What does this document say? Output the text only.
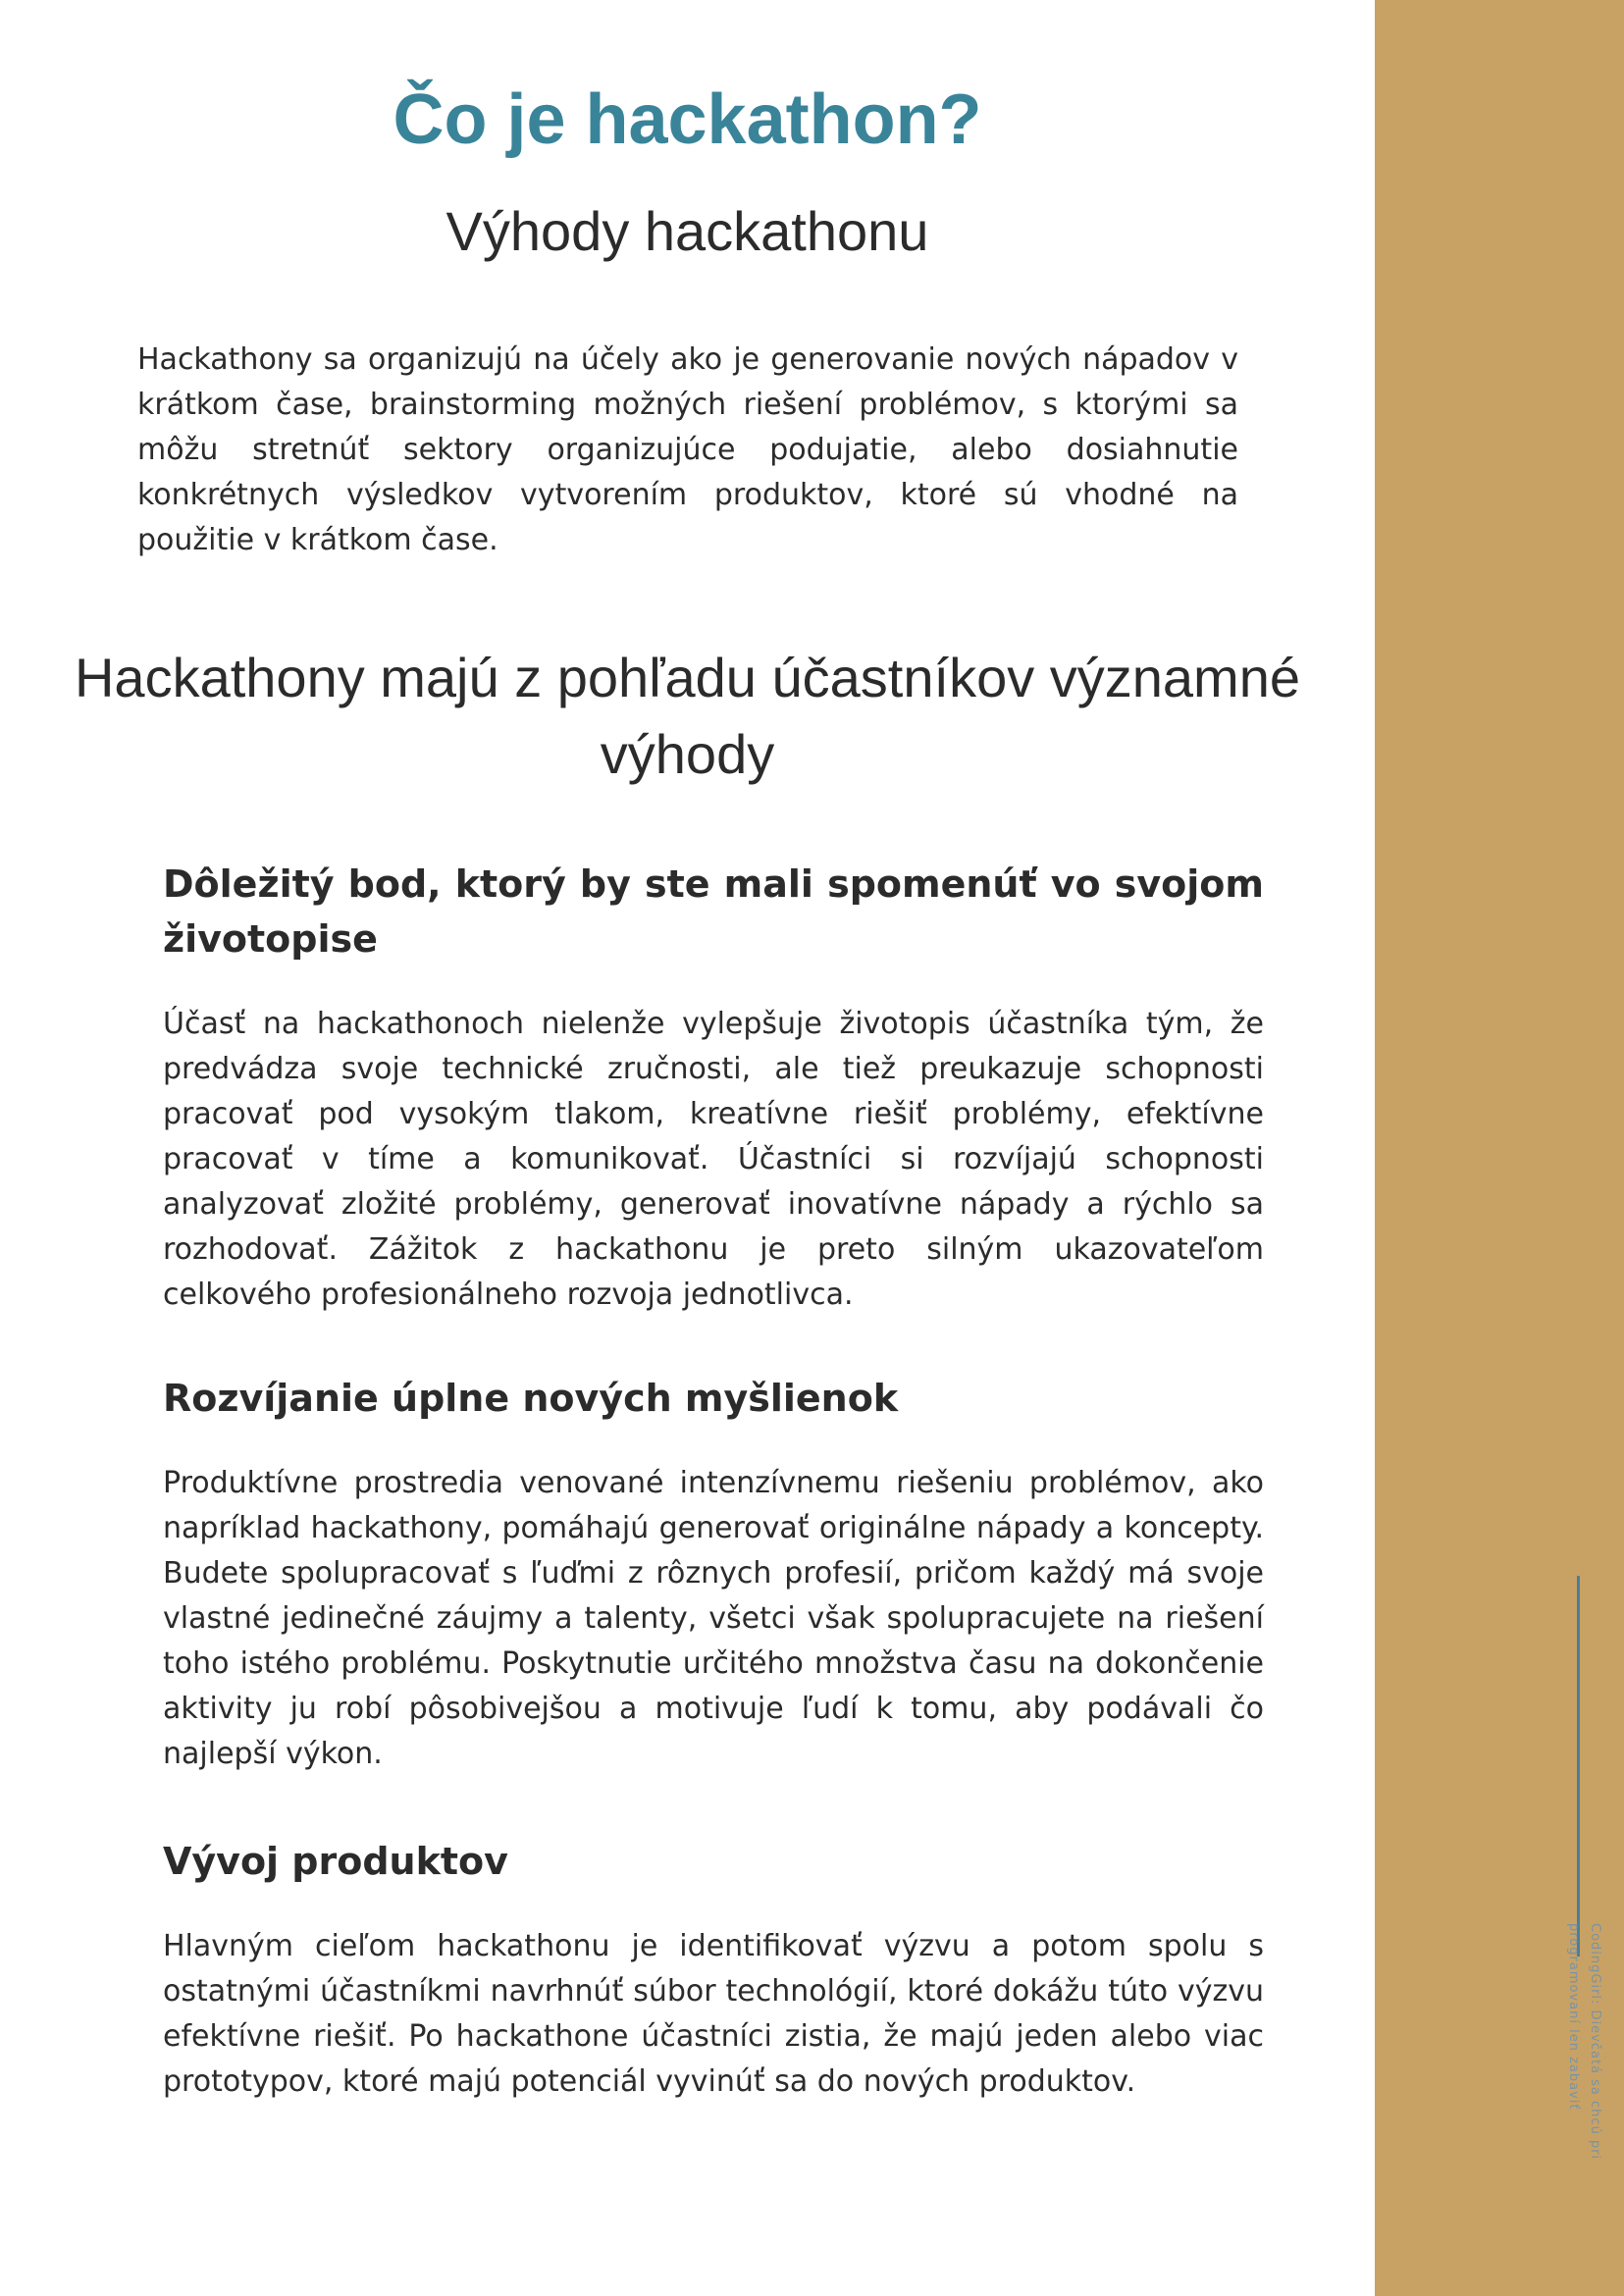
Čo je hackathon?
Výhody hackathonu

Hackathony sa organizujú na účely ako je generovanie nových nápadov v krátkom čase, brainstorming možných riešení problémov, s ktorými sa môžu stretnúť sektory organizujúce podujatie, alebo dosiahnutie konkrétnych výsledkov vytvorením produktov, ktoré sú vhodné na použitie v krátkom čase.

Hackathony majú z pohľadu účastníkov významné výhody
Dôležitý bod, ktorý by ste mali spomenúť vo svojom životopise

Účasť na hackathonoch nielenže vylepšuje životopis účastníka tým, že predvádza svoje technické zručnosti, ale tiež preukazuje schopnosti pracovať pod vysokým tlakom, kreatívne riešiť problémy, efektívne pracovať v tíme a komunikovať. Účastníci si rozvíjajú schopnosti analyzovať zložité problémy, generovať inovatívne nápady a rýchlo sa rozhodovať. Zážitok z hackathonu je preto silným ukazovateľom celkového profesionálneho rozvoja jednotlivca.

Rozvíjanie úplne nových myšlienok

Produktívne prostredia venované intenzívnemu riešeniu problémov, ako napríklad hackathony, pomáhajú generovať originálne nápady a koncepty. Budete spolupracovať s ľuďmi z rôznych profesií, pričom každý má svoje vlastné jedinečné záujmy a talenty, všetci však spolupracujete na riešení toho istého problému. Poskytnutie určitého množstva času na dokončenie aktivity ju robí pôsobivejšou a motivuje ľudí k tomu, aby podávali čo najlepší výkon.

Vývoj produktov

Hlavným cieľom hackathonu je identifikovať výzvu a potom spolu s ostatnými účastníkmi navrhnúť súbor technológií, ktoré dokážu túto výzvu efektívne riešiť. Po hackathone účastníci zistia, že majú jeden alebo viac prototypov, ktoré majú potenciál vyvinúť sa do nových produktov.	CodingGirl: Dievčatá sa chcú pri programovaní len zabaviť
